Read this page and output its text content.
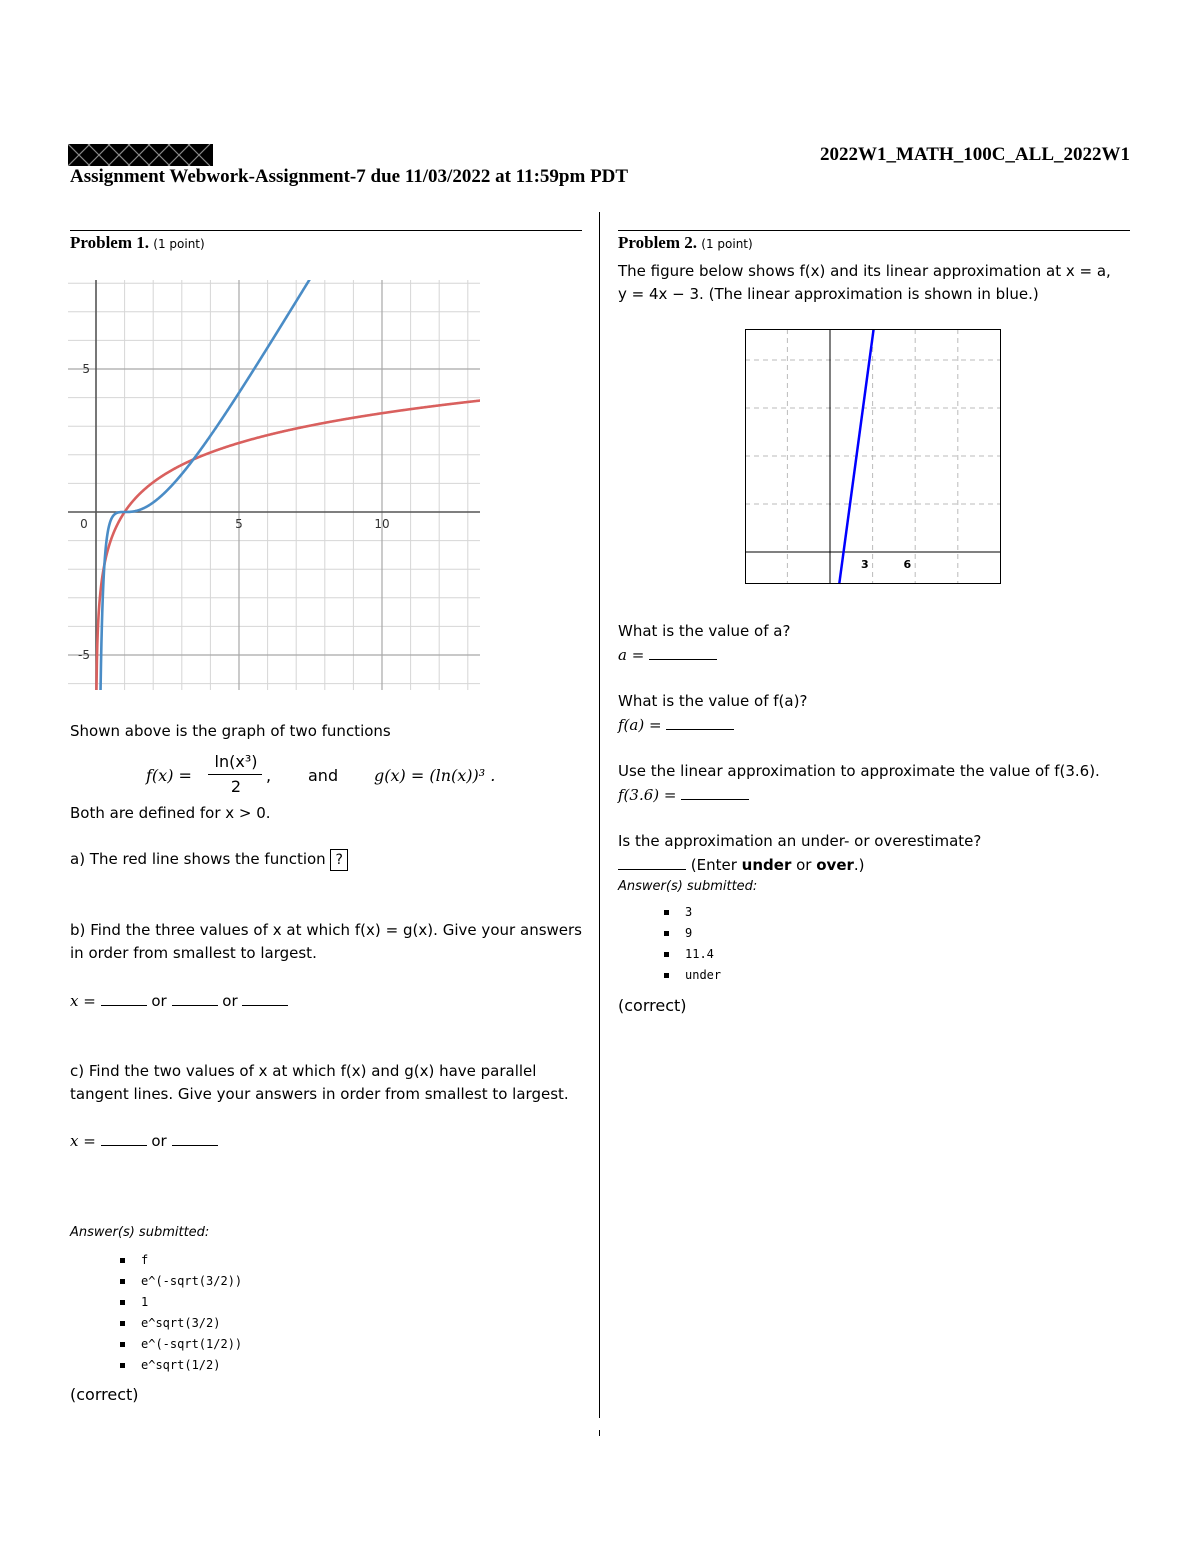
2022W1_MATH_100C_ALL_2022W1
Assignment Webwork-Assignment-7 due 11/03/2022 at 11:59pm PDT
Problem 1. (1 point)
0	5	10
5
-5
Shown above is the graph of two functions
f(x) =
ln(x³)
2
, and g(x) = (ln(x))³ .
Both are defined for x > 0.
a) The red line shows the function ?
b) Find the three values of x at which f(x) = g(x). Give your answers in order from smallest to largest.
x =	or	or
c) Find the two values of x at which f(x) and g(x) have parallel tangent lines. Give your answers in order from smallest to largest.
x =	or
Answer(s) submitted:
f
e^(-sqrt(3/2))
1
e^sqrt(3/2)
e^(-sqrt(1/2))
e^sqrt(1/2)
(correct)
Problem 2. (1 point)
The figure below shows f(x) and its linear approximation at x = a,
y = 4x − 3. (The linear approximation is shown in blue.)
3	6
What is the value of a?
a =
What is the value of f(a)?
f(a) =
Use the linear approximation to approximate the value of f(3.6).
f(3.6) =
Is the approximation an under- or overestimate?
(Enter under or over.)
Answer(s) submitted:
3
9
11.4
under
(correct)
